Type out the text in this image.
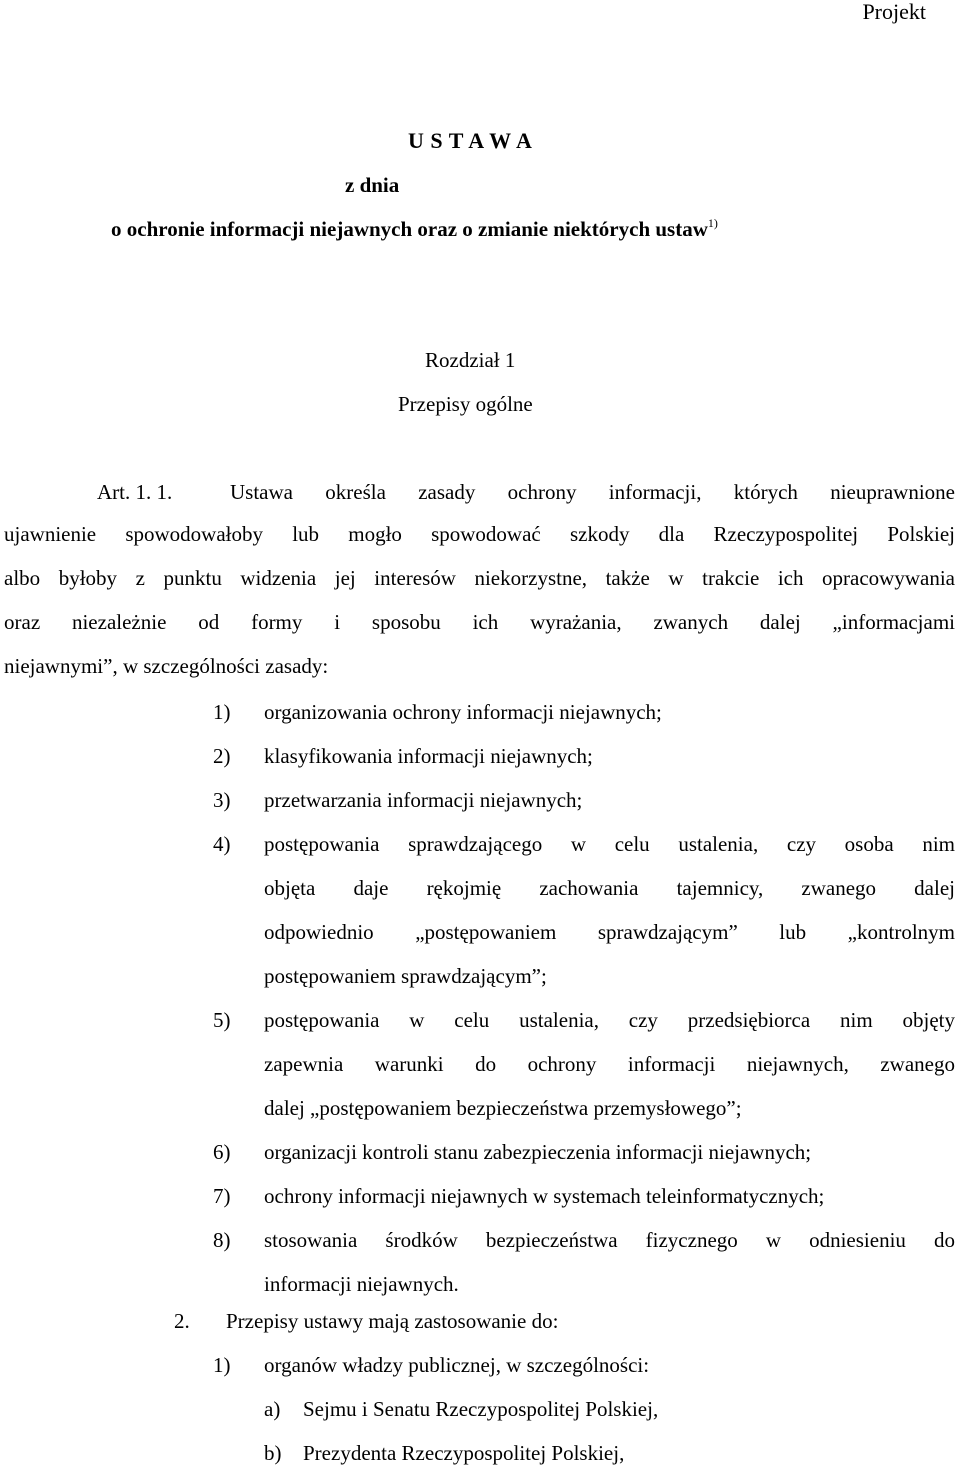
Projekt
U S T A W A
z dnia
o ochronie informacji niejawnych oraz o zmianie niektórych ustaw$^{1)}$
Rozdział 1
Przepisy ogólne
Art. 1. 1.	Ustawa określa zasady ochrony informacji, których nieuprawnione
ujawnienie spowodowałoby lub mogło spowodować szkody dla Rzeczypospolitej Polskiej
albo byłoby z punktu widzenia jej interesów niekorzystne, także w trakcie ich opracowywania
oraz niezależnie od formy i sposobu ich wyrażania, zwanych dalej „informacjami
niejawnymi”, w szczególności zasady:
1) organizowania ochrony informacji niejawnych;
2) klasyfikowania informacji niejawnych;
3) przetwarzania informacji niejawnych;
4) postępowania sprawdzającego w celu ustalenia, czy osoba nim
objęta daje rękojmię zachowania tajemnicy, zwanego dalej
odpowiednio „postępowaniem sprawdzającym” lub „kontrolnym
postępowaniem sprawdzającym”;
5) postępowania w celu ustalenia, czy przedsiębiorca nim objęty
zapewnia warunki do ochrony informacji niejawnych, zwanego
dalej „postępowaniem bezpieczeństwa przemysłowego”;
6) organizacji kontroli stanu zabezpieczenia informacji niejawnych;
7) ochrony informacji niejawnych w systemach teleinformatycznych;
8) stosowania środków bezpieczeństwa fizycznego w odniesieniu do
informacji niejawnych.
2. Przepisy ustawy mają zastosowanie do:
1) organów władzy publicznej, w szczególności:
a) Sejmu i Senatu Rzeczypospolitej Polskiej,
b) Prezydenta Rzeczypospolitej Polskiej,
